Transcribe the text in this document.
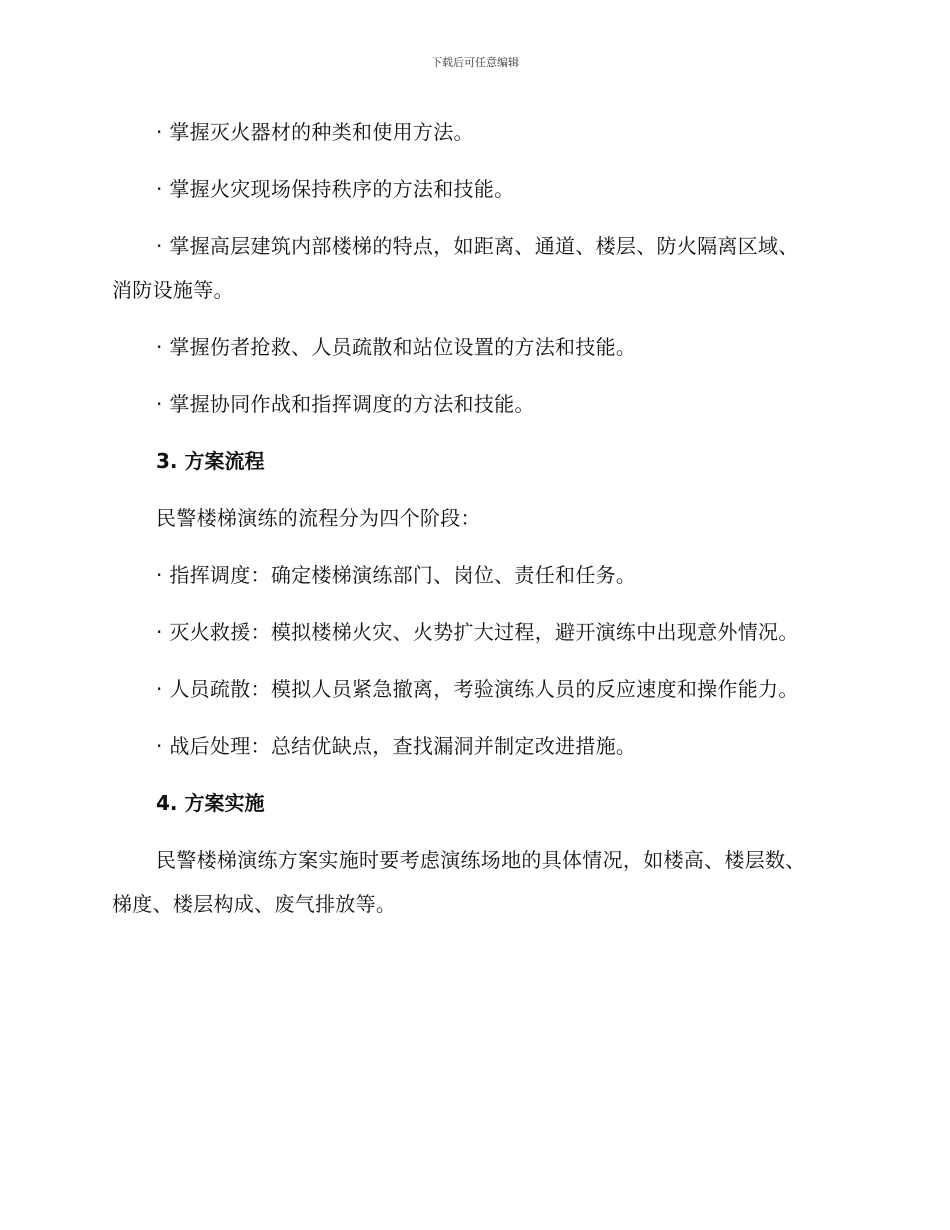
下载后可任意编辑

· 掌握灭火器材的种类和使用方法。

· 掌握火灾现场保持秩序的方法和技能。

· 掌握高层建筑内部楼梯的特点，如距离、通道、楼层、防火隔离区域、消防设施等。

· 掌握伤者抢救、人员疏散和站位设置的方法和技能。

· 掌握协同作战和指挥调度的方法和技能。

3. 方案流程

民警楼梯演练的流程分为四个阶段：

· 指挥调度：确定楼梯演练部门、岗位、责任和任务。

· 灭火救援：模拟楼梯火灾、火势扩大过程，避开演练中出现意外情况。

· 人员疏散：模拟人员紧急撤离，考验演练人员的反应速度和操作能力。

· 战后处理：总结优缺点，查找漏洞并制定改进措施。

4. 方案实施

民警楼梯演练方案实施时要考虑演练场地的具体情况，如楼高、楼层数、梯度、楼层构成、废气排放等。
